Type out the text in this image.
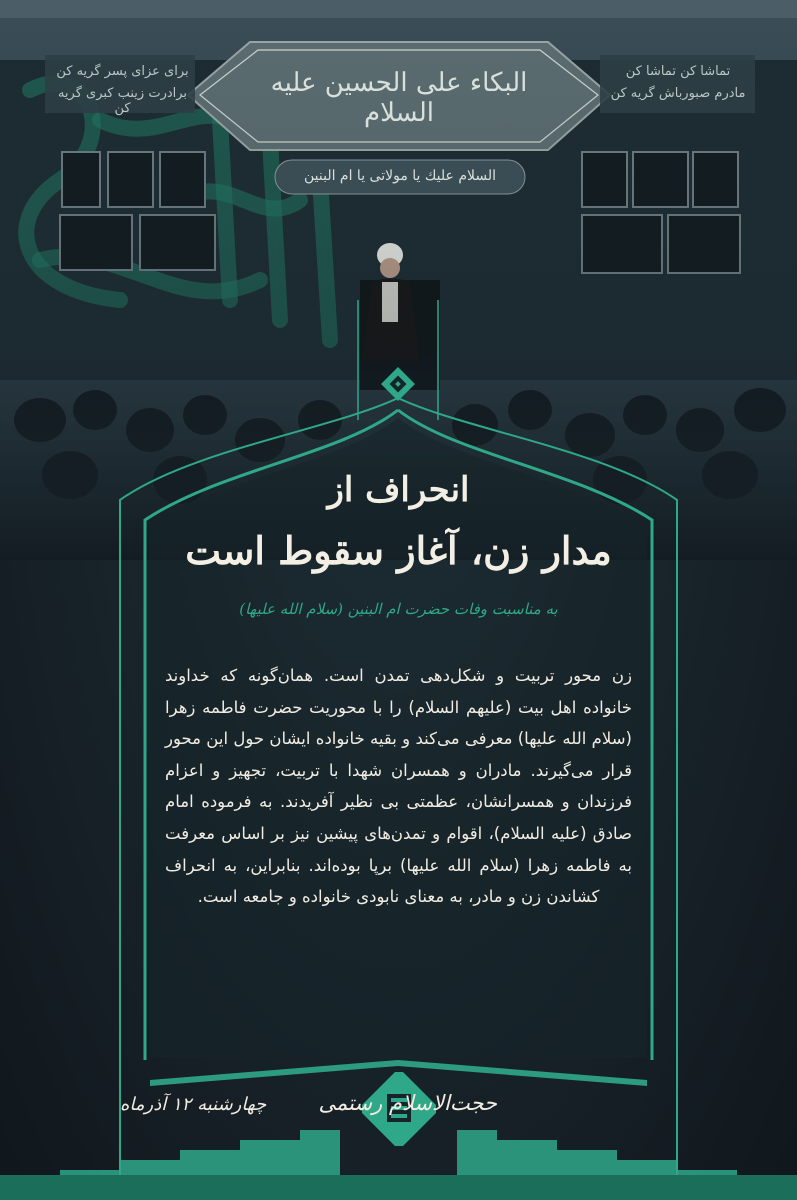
البكاء على الحسين عليه السلام
السلام عليك يا مولاتى يا ام البنين
برای عزای پسر گریه کن
برادرت زینب کبری گریه کن
تماشا کن تماشا کن
مادرم صبورباش گریه کن
انحراف از
مدار زن، آغاز سقوط است
به مناسبت وفات حضرت ام البنین (سلام الله علیها)
زن محور تربیت و شکل‌دهی تمدن است. همان‌گونه که خداوند خانواده اهل بیت (علیهم السلام) را با محوریت حضرت فاطمه زهرا (سلام الله علیها) معرفی می‌کند و بقیه خانواده ایشان حول این محور قرار می‌گیرند. مادران و همسران شهدا با تربیت، تجهیز و اعزام فرزندان و همسرانشان، عظمتی بی نظیر آفریدند. به فرموده امام صادق (علیه السلام)، اقوام و تمدن‌های پیشین نیز بر اساس معرفت به فاطمه زهرا (سلام الله علیها) برپا بوده‌اند. بنابراین، به انحراف کشاندن زن و مادر، به معنای نابودی خانواده و جامعه است.
حجت‌الاسلام رستمی
چهارشنبه ۱۲ آذرماه
